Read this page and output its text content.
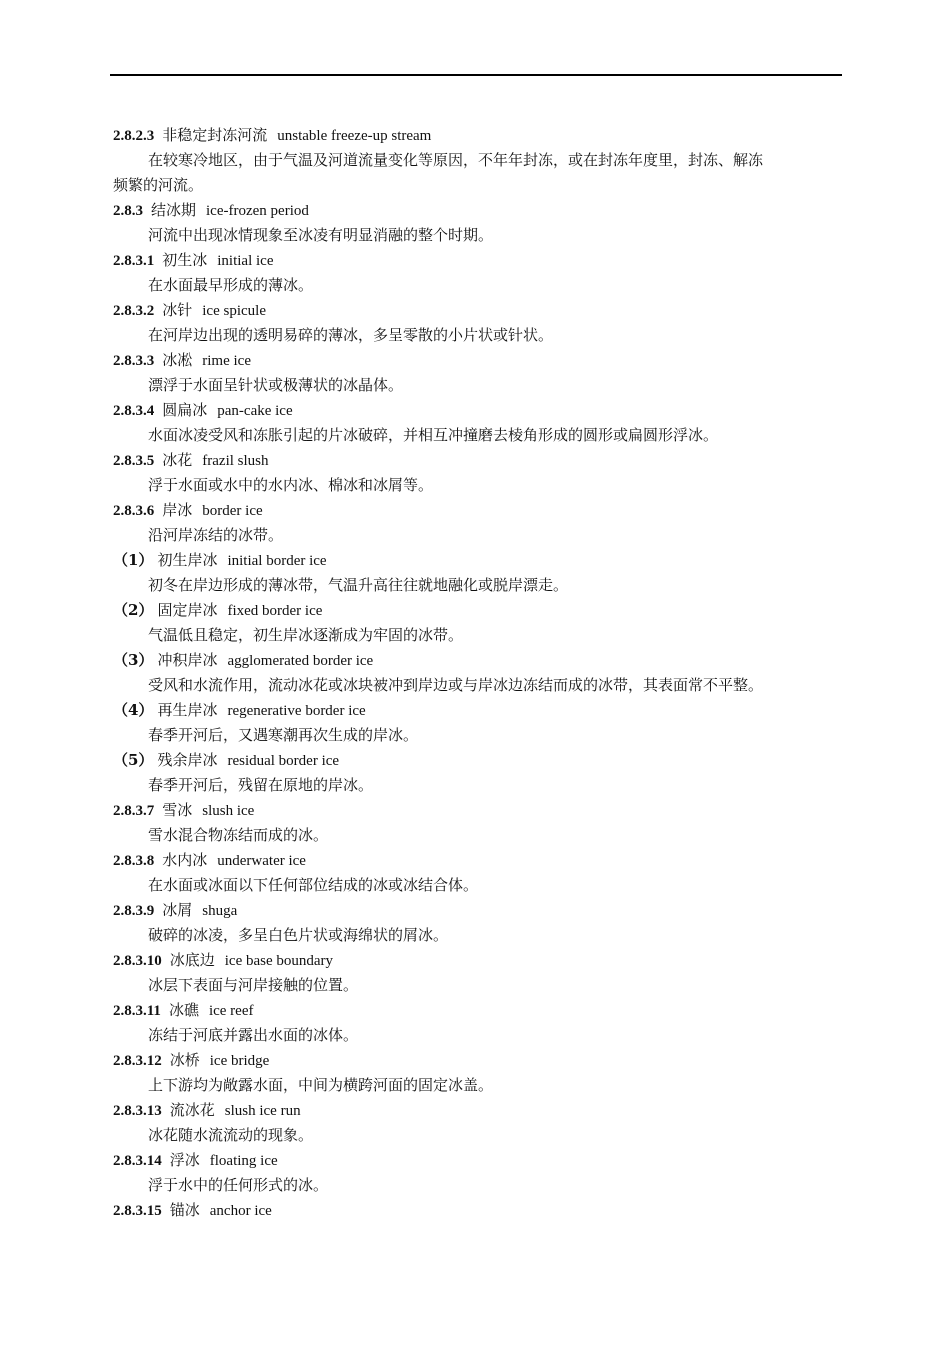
2.8.2.3 非稳定封冻河流 unstable freeze-up stream
在较寒冷地区，由于气温及河道流量变化等原因，不年年封冻，或在封冻年度里，封冻、解冻
频繁的河流。
2.8.3 结冰期 ice-frozen period
河流中出现冰情现象至冰凌有明显消融的整个时期。
2.8.3.1 初生冰 initial ice
在水面最早形成的薄冰。
2.8.3.2 冰针 ice spicule
在河岸边出现的透明易碎的薄冰，多呈零散的小片状或针状。
2.8.3.3 冰凇 rime ice
漂浮于水面呈针状或极薄状的冰晶体。
2.8.3.4 圆扁冰 pan-cake ice
水面冰凌受风和冻胀引起的片冰破碎，并相互冲撞磨去棱角形成的圆形或扁圆形浮冰。
2.8.3.5 冰花 frazil slush
浮于水面或水中的水内冰、棉冰和冰屑等。
2.8.3.6 岸冰 border ice
沿河岸冻结的冰带。
（1） 初生岸冰 initial border ice
初冬在岸边形成的薄冰带，气温升高往往就地融化或脱岸漂走。
（2） 固定岸冰 fixed border ice
气温低且稳定，初生岸冰逐渐成为牢固的冰带。
（3） 冲积岸冰 agglomerated border ice
受风和水流作用，流动冰花或冰块被冲到岸边或与岸冰边冻结而成的冰带，其表面常不平整。
（4） 再生岸冰 regenerative border ice
春季开河后，又遇寒潮再次生成的岸冰。
（5） 残余岸冰 residual border ice
春季开河后，残留在原地的岸冰。
2.8.3.7 雪冰 slush ice
雪水混合物冻结而成的冰。
2.8.3.8 水内冰 underwater ice
在水面或冰面以下任何部位结成的冰或冰结合体。
2.8.3.9 冰屑 shuga
破碎的冰凌，多呈白色片状或海绵状的屑冰。
2.8.3.10 冰底边 ice base boundary
冰层下表面与河岸接触的位置。
2.8.3.11 冰礁 ice reef
冻结于河底并露出水面的冰体。
2.8.3.12 冰桥 ice bridge
上下游均为敞露水面，中间为横跨河面的固定冰盖。
2.8.3.13 流冰花 slush ice run
冰花随水流流动的现象。
2.8.3.14 浮冰 floating ice
浮于水中的任何形式的冰。
2.8.3.15 锚冰 anchor ice
